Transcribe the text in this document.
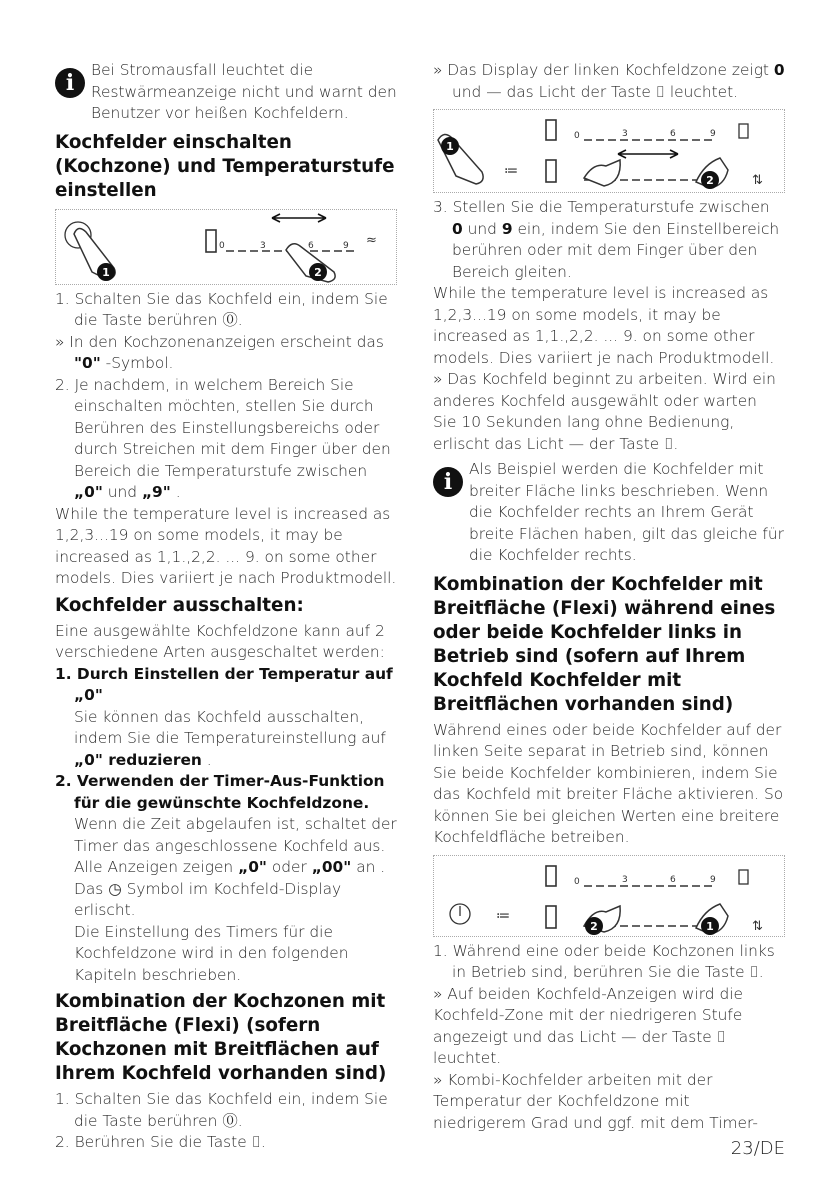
i	Bei Stromausfall leuchtet die Restwärmeanzeige nicht und warnt den Benutzer vor heißen Kochfeldern.

Kochfelder einschalten (Kochzone) und Temperaturstufe einstellen
1
0	3	6	9
2
≈

1. Schalten Sie das Kochfeld ein, indem Sie die Taste berühren ⓪.

» In den Kochzonenanzeigen erscheint das "0" -Symbol.

2. Je nachdem, in welchem Bereich Sie einschalten möchten, stellen Sie durch Berühren des Einstellungsbereichs oder durch Streichen mit dem Finger über den Bereich die Temperaturstufe zwischen „0" und „9" .

While the temperature level is increased as 1,2,3...19 on some models, it may be increased as 1,1.,2,2. ... 9. on some other models. Dies variiert je nach Produktmodell.

Kochfelder ausschalten:

Eine ausgewählte Kochfeldzone kann auf 2 verschiedene Arten ausgeschaltet werden:

1. Durch Einstellen der Temperatur auf „0"

Sie können das Kochfeld ausschalten, indem Sie die Temperatureinstellung auf „0" reduzieren .

2. Verwenden der Timer-Aus-Funktion für die gewünschte Kochfeldzone.

Wenn die Zeit abgelaufen ist, schaltet der Timer das angeschlossene Kochfeld aus. Alle Anzeigen zeigen „0" oder „00" an . Das ◷ Symbol im Kochfeld-Display erlischt.

Die Einstellung des Timers für die Kochfeldzone wird in den folgenden Kapiteln beschrieben.

Kombination der Kochzonen mit Breitfläche (Flexi) (sofern Kochzonen mit Breitflächen auf Ihrem Kochfeld vorhanden sind)

1. Schalten Sie das Kochfeld ein, indem Sie die Taste berühren ⓪.

2. Berühren Sie die Taste ⌷.

» Das Display der linken Kochfeldzone zeigt 0 und — das Licht der Taste ⌷ leuchtet.

1
≔
0	3	6	9
2	⇅

3. Stellen Sie die Temperaturstufe zwischen 0 und 9 ein, indem Sie den Einstellbereich berühren oder mit dem Finger über den Bereich gleiten.

While the temperature level is increased as 1,2,3...19 on some models, it may be increased as 1,1.,2,2. ... 9. on some other models. Dies variiert je nach Produktmodell.

» Das Kochfeld beginnt zu arbeiten. Wird ein anderes Kochfeld ausgewählt oder warten Sie 10 Sekunden lang ohne Bedienung, erlischt das Licht — der Taste ⌷.

i	Als Beispiel werden die Kochfelder mit breiter Fläche links beschrieben. Wenn die Kochfelder rechts an Ihrem Gerät breite Flächen haben, gilt das gleiche für die Kochfelder rechts.

Kombination der Kochfelder mit Breitfläche (Flexi) während eines oder beide Kochfelder links in Betrieb sind (sofern auf Ihrem Kochfeld Kochfelder mit Breitflächen vorhanden sind)

Während eines oder beide Kochfelder auf der linken Seite separat in Betrieb sind, können Sie beide Kochfelder kombinieren, indem Sie das Kochfeld mit breiter Fläche aktivieren. So können Sie bei gleichen Werten eine breitere Kochfeldfläche betreiben.

≔
0	3	6	9
2	1	⇅

1. Während eine oder beide Kochzonen links in Betrieb sind, berühren Sie die Taste ⌷.

» Auf beiden Kochfeld-Anzeigen wird die Kochfeld-Zone mit der niedrigeren Stufe angezeigt und das Licht — der Taste ⌷ leuchtet.

» Kombi-Kochfelder arbeiten mit der Temperatur der Kochfeldzone mit niedrigerem Grad und ggf. mit dem Timer-

23/DE
